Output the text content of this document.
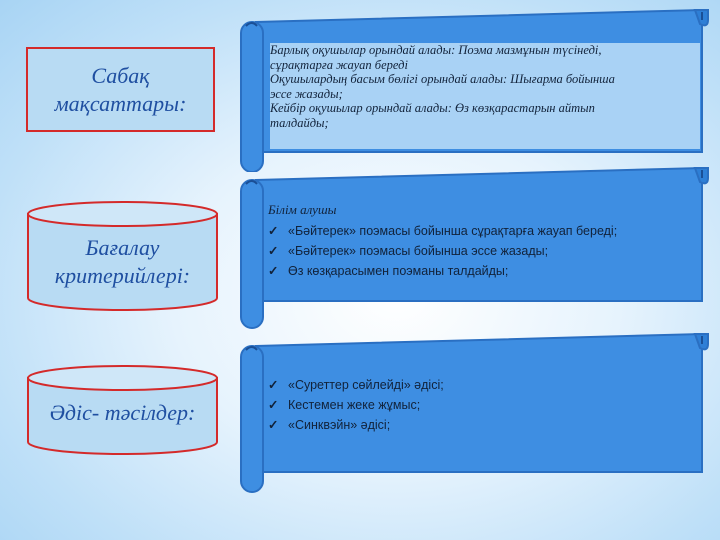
Сабақ
мақсаттары:
Барлық оқушылар орындай алады: Поэма мазмұнын түсінеді,
сұрақтарға жауап береді
Оқушылардың басым бөлігі орындай алады: Шығарма бойынша
эссе жазады;
Кейбір оқушылар орындай алады: Өз көзқарастарын айтып
талдайды;
Бағалау
критерийлері:
Білім алушы
✓ «Бәйтерек» поэмасы бойынша сұрақтарға жауап береді;
✓ «Бәйтерек» поэмасы бойынша эссе жазады;
✓ Өз көзқарасымен поэманы талдайды;
Әдіс- тәсілдер:
✓ «Суреттер сөйлейді» әдісі;
✓ Кестемен жеке жұмыс;
✓ «Синквэйн» әдісі;
